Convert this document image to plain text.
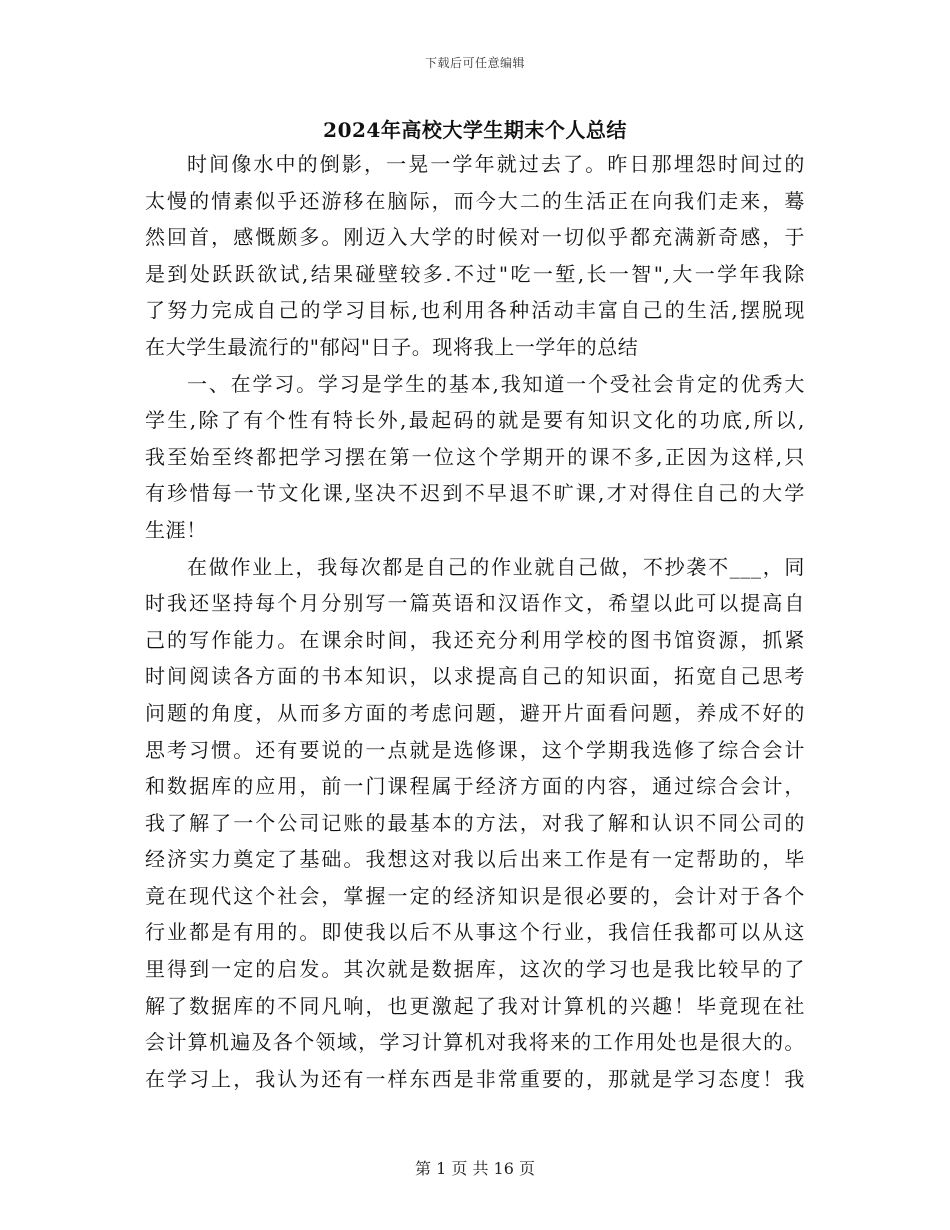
下载后可任意编辑
2024年高校大学生期末个人总结
时间像水中的倒影，一晃一学年就过去了。昨日那埋怨时间过的
太慢的情素似乎还游移在脑际，而今大二的生活正在向我们走来，蓦
然回首，感慨颇多。刚迈入大学的时候对一切似乎都充满新奇感，于
是到处跃跃欲试,结果碰壁较多.不过"吃一堑,长一智",大一学年我除
了努力完成自己的学习目标,也利用各种活动丰富自己的生活,摆脱现
在大学生最流行的"郁闷"日子。现将我上一学年的总结
一、在学习。学习是学生的基本,我知道一个受社会肯定的优秀大
学生,除了有个性有特长外,最起码的就是要有知识文化的功底,所以,
我至始至终都把学习摆在第一位这个学期开的课不多,正因为这样,只
有珍惜每一节文化课,坚决不迟到不早退不旷课,才对得住自己的大学
生涯！
在做作业上，我每次都是自己的作业就自己做，不抄袭不___，同
时我还坚持每个月分别写一篇英语和汉语作文，希望以此可以提高自
己的写作能力。在课余时间，我还充分利用学校的图书馆资源，抓紧
时间阅读各方面的书本知识，以求提高自己的知识面，拓宽自己思考
问题的角度，从而多方面的考虑问题，避开片面看问题，养成不好的
思考习惯。还有要说的一点就是选修课，这个学期我选修了综合会计
和数据库的应用，前一门课程属于经济方面的内容，通过综合会计，
我了解了一个公司记账的最基本的方法，对我了解和认识不同公司的
经济实力奠定了基础。我想这对我以后出来工作是有一定帮助的，毕
竟在现代这个社会，掌握一定的经济知识是很必要的，会计对于各个
行业都是有用的。即使我以后不从事这个行业，我信任我都可以从这
里得到一定的启发。其次就是数据库，这次的学习也是我比较早的了
解了数据库的不同凡响，也更激起了我对计算机的兴趣！毕竟现在社
会计算机遍及各个领域，学习计算机对我将来的工作用处也是很大的。
在学习上，我认为还有一样东西是非常重要的，那就是学习态度！我
第 1 页 共 16 页
